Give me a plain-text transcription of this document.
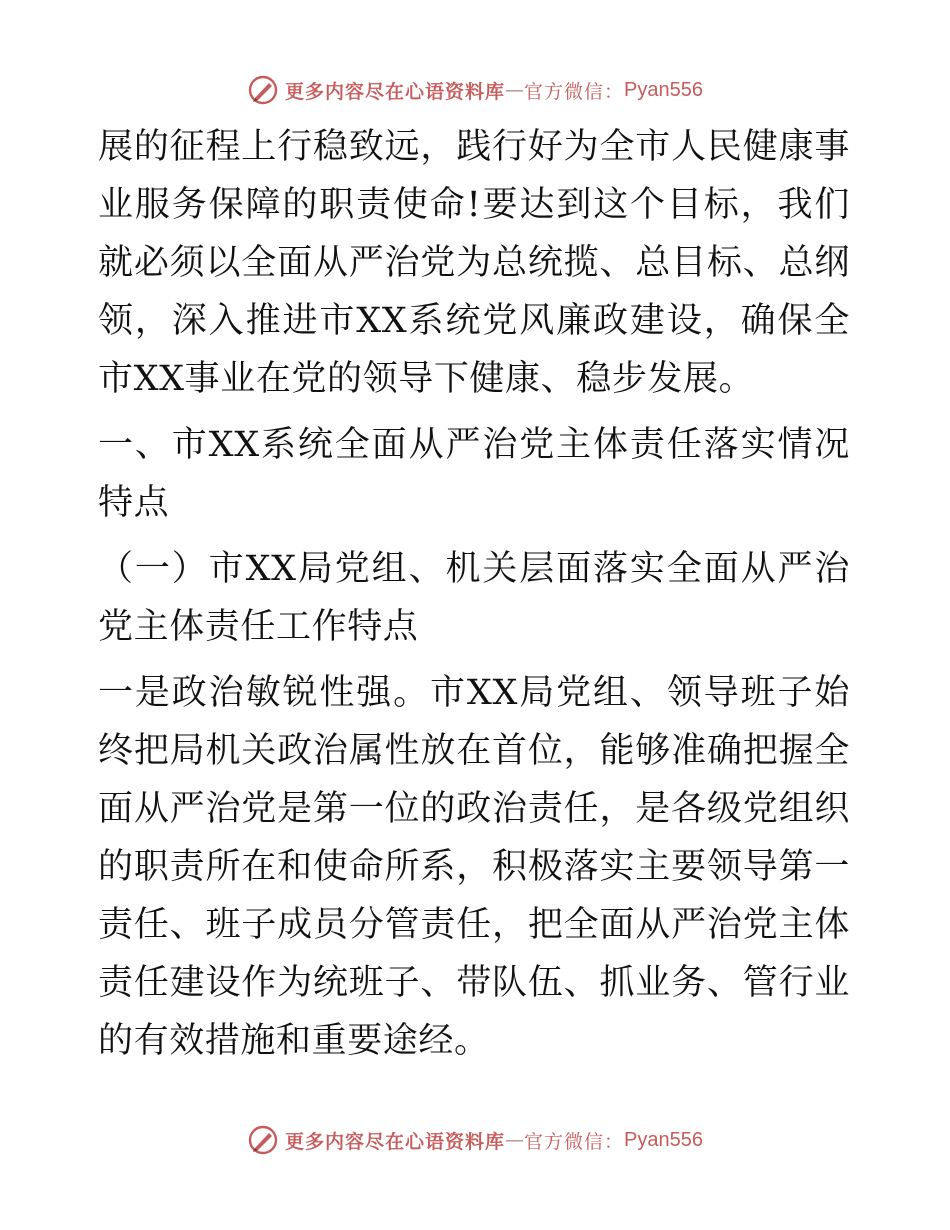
更多内容尽在心语资料库 — 官方微信： Pyan556

展的征程上行稳致远，践行好为全市人民健康事业服务保障的职责使命!要达到这个目标，我们就必须以全面从严治党为总统揽、总目标、总纲领，深入推进市XX系统党风廉政建设，确保全市XX事业在党的领导下健康、稳步发展。

一、市XX系统全面从严治党主体责任落实情况特点

（一）市XX局党组、机关层面落实全面从严治党主体责任工作特点

一是政治敏锐性强。市XX局党组、领导班子始终把局机关政治属性放在首位，能够准确把握全面从严治党是第一位的政治责任，是各级党组织的职责所在和使命所系，积极落实主要领导第一责任、班子成员分管责任，把全面从严治党主体责任建设作为统班子、带队伍、抓业务、管行业的有效措施和重要途经。

更多内容尽在心语资料库 — 官方微信： Pyan556
